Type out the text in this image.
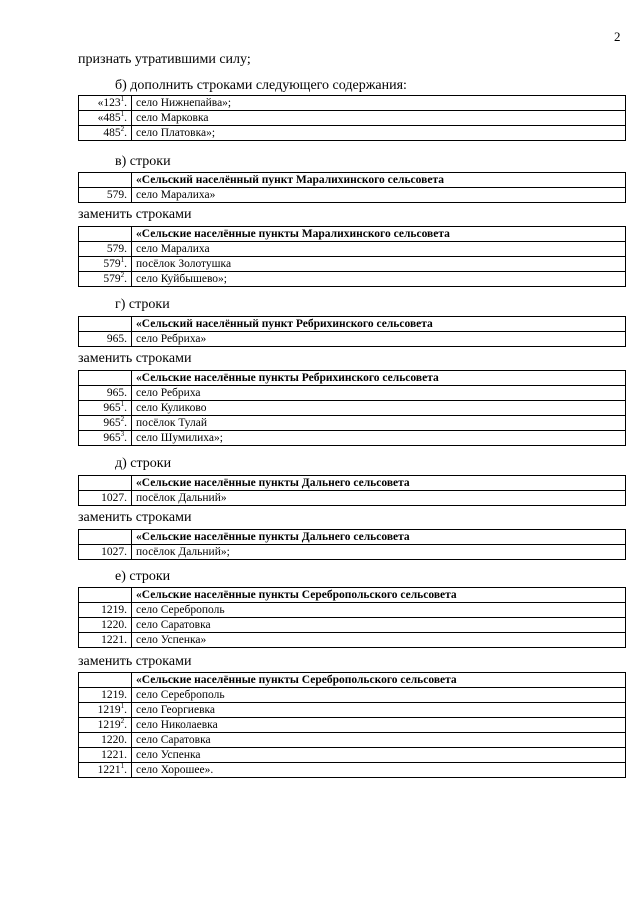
2
признать утратившими силу;
б) дополнить строками следующего содержания:
«$123^1$.	село Нижнепайва»;
«$485^1$.	село Марковка
$485^2$.	село Платовка»;
в) строки
	«Сельский населённый пункт Маралихинского сельсовета
579.	село Маралиха»
заменить строками
	«Сельские населённые пункты Маралихинского сельсовета
579.	село Маралиха
$579^1$.	посёлок Золотушка
$579^2$.	село Куйбышево»;
г) строки
	«Сельский населённый пункт Ребрихинского сельсовета
965.	село Ребриха»
заменить строками
	«Сельские населённые пункты Ребрихинского сельсовета
965.	село Ребриха
$965^1$.	село Куликово
$965^2$.	посёлок Тулай
$965^3$.	село Шумилиха»;
д) строки
	«Сельские населённые пункты Дальнего сельсовета
1027.	посёлок Дальний»
заменить строками
	«Сельские населённые пункты Дальнего сельсовета
1027.	посёлок Дальний»;
е) строки
	«Сельские населённые пункты Серебропольского сельсовета
1219.	село Сереброполь
1220.	село Саратовка
1221.	село Успенка»
заменить строками
	«Сельские населённые пункты Серебропольского сельсовета
1219.	село Сереброполь
1219$^1$.	село Георгиевка
1219$^2$.	село Николаевка
1220.	село Саратовка
1221.	село Успенка
1221$^1$.	село Хорошее».
